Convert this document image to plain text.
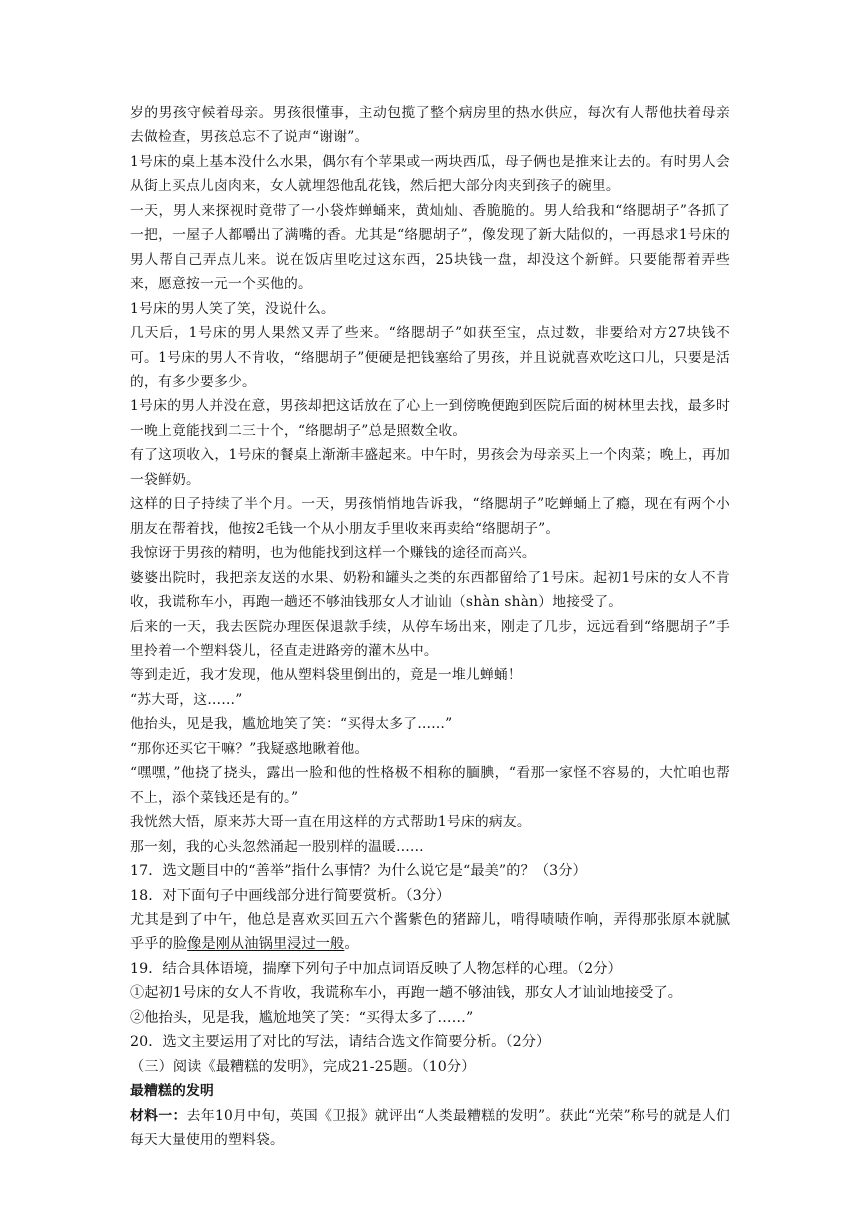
岁的男孩守候着母亲。男孩很懂事，主动包揽了整个病房里的热水供应，每次有人帮他扶着母亲去做检查，男孩总忘不了说声“谢谢”。

1号床的桌上基本没什么水果，偶尔有个苹果或一两块西瓜，母子俩也是推来让去的。有时男人会从街上买点儿卤肉来，女人就埋怨他乱花钱，然后把大部分肉夹到孩子的碗里。

一天，男人来探视时竟带了一小袋炸蝉蛹来，黄灿灿、香脆脆的。男人给我和“络腮胡子”各抓了一把，一屋子人都嚼出了满嘴的香。尤其是“络腮胡子”，像发现了新大陆似的，一再恳求1号床的男人帮自己弄点儿来。说在饭店里吃过这东西，25块钱一盘，却没这个新鲜。只要能帮着弄些来，愿意按一元一个买他的。

1号床的男人笑了笑，没说什么。

几天后，1号床的男人果然又弄了些来。“络腮胡子”如获至宝，点过数，非要给对方27块钱不可。1号床的男人不肯收，“络腮胡子”便硬是把钱塞给了男孩，并且说就喜欢吃这口儿，只要是活的，有多少要多少。

1号床的男人并没在意，男孩却把这话放在了心上一到傍晚便跑到医院后面的树林里去找，最多时一晚上竟能找到二三十个，“络腮胡子”总是照数全收。

有了这项收入，1号床的餐桌上渐渐丰盛起来。中午时，男孩会为母亲买上一个肉菜；晚上，再加一袋鲜奶。

这样的日子持续了半个月。一天，男孩悄悄地告诉我，“络腮胡子”吃蝉蛹上了瘾，现在有两个小朋友在帮着找，他按2毛钱一个从小朋友手里收来再卖给“络腮胡子”。

我惊讶于男孩的精明，也为他能找到这样一个赚钱的途径而高兴。

婆婆出院时，我把亲友送的水果、奶粉和罐头之类的东西都留给了1号床。起初1号床的女人不肯收，我谎称车小，再跑一趟还不够油钱那女人才讪讪（shàn shàn）地接受了。

后来的一天，我去医院办理医保退款手续，从停车场出来，刚走了几步，远远看到“络腮胡子”手里拎着一个塑料袋儿，径直走进路旁的灌木丛中。

等到走近，我才发现，他从塑料袋里倒出的，竟是一堆儿蝉蛹！

“苏大哥，这……”

他抬头，见是我，尴尬地笑了笑：“买得太多了……”

“那你还买它干嘛？”我疑惑地瞅着他。

“嘿嘿，”他挠了挠头，露出一脸和他的性格极不相称的腼腆，“看那一家怪不容易的，大忙咱也帮不上，添个菜钱还是有的。”

我恍然大悟，原来苏大哥一直在用这样的方式帮助1号床的病友。

那一刻，我的心头忽然涌起一股别样的温暖……

17．选文题目中的“善举”指什么事情？为什么说它是“最美”的？（3分）

18．对下面句子中画线部分进行简要赏析。（3分）

尤其是到了中午，他总是喜欢买回五六个酱紫色的猪蹄儿，啃得啧啧作响，弄得那张原本就腻乎乎的脸像是刚从油锅里浸过一般。

19．结合具体语境，揣摩下列句子中加点词语反映了人物怎样的心理。（2分）

①起初1号床的女人不肯收，我谎称车小，再跑一趟不够油钱，那女人才讪讪地接受了。

②他抬头，见是我，尴尬地笑了笑：“买得太多了……”

20．选文主要运用了对比的写法，请结合选文作简要分析。（2分）

（三）阅读《最糟糕的发明》，完成21-25题。（10分）

最糟糕的发明

材料一：去年10月中旬，英国《卫报》就评出“人类最糟糕的发明”。获此“光荣”称号的就是人们每天大量使用的塑料袋。
